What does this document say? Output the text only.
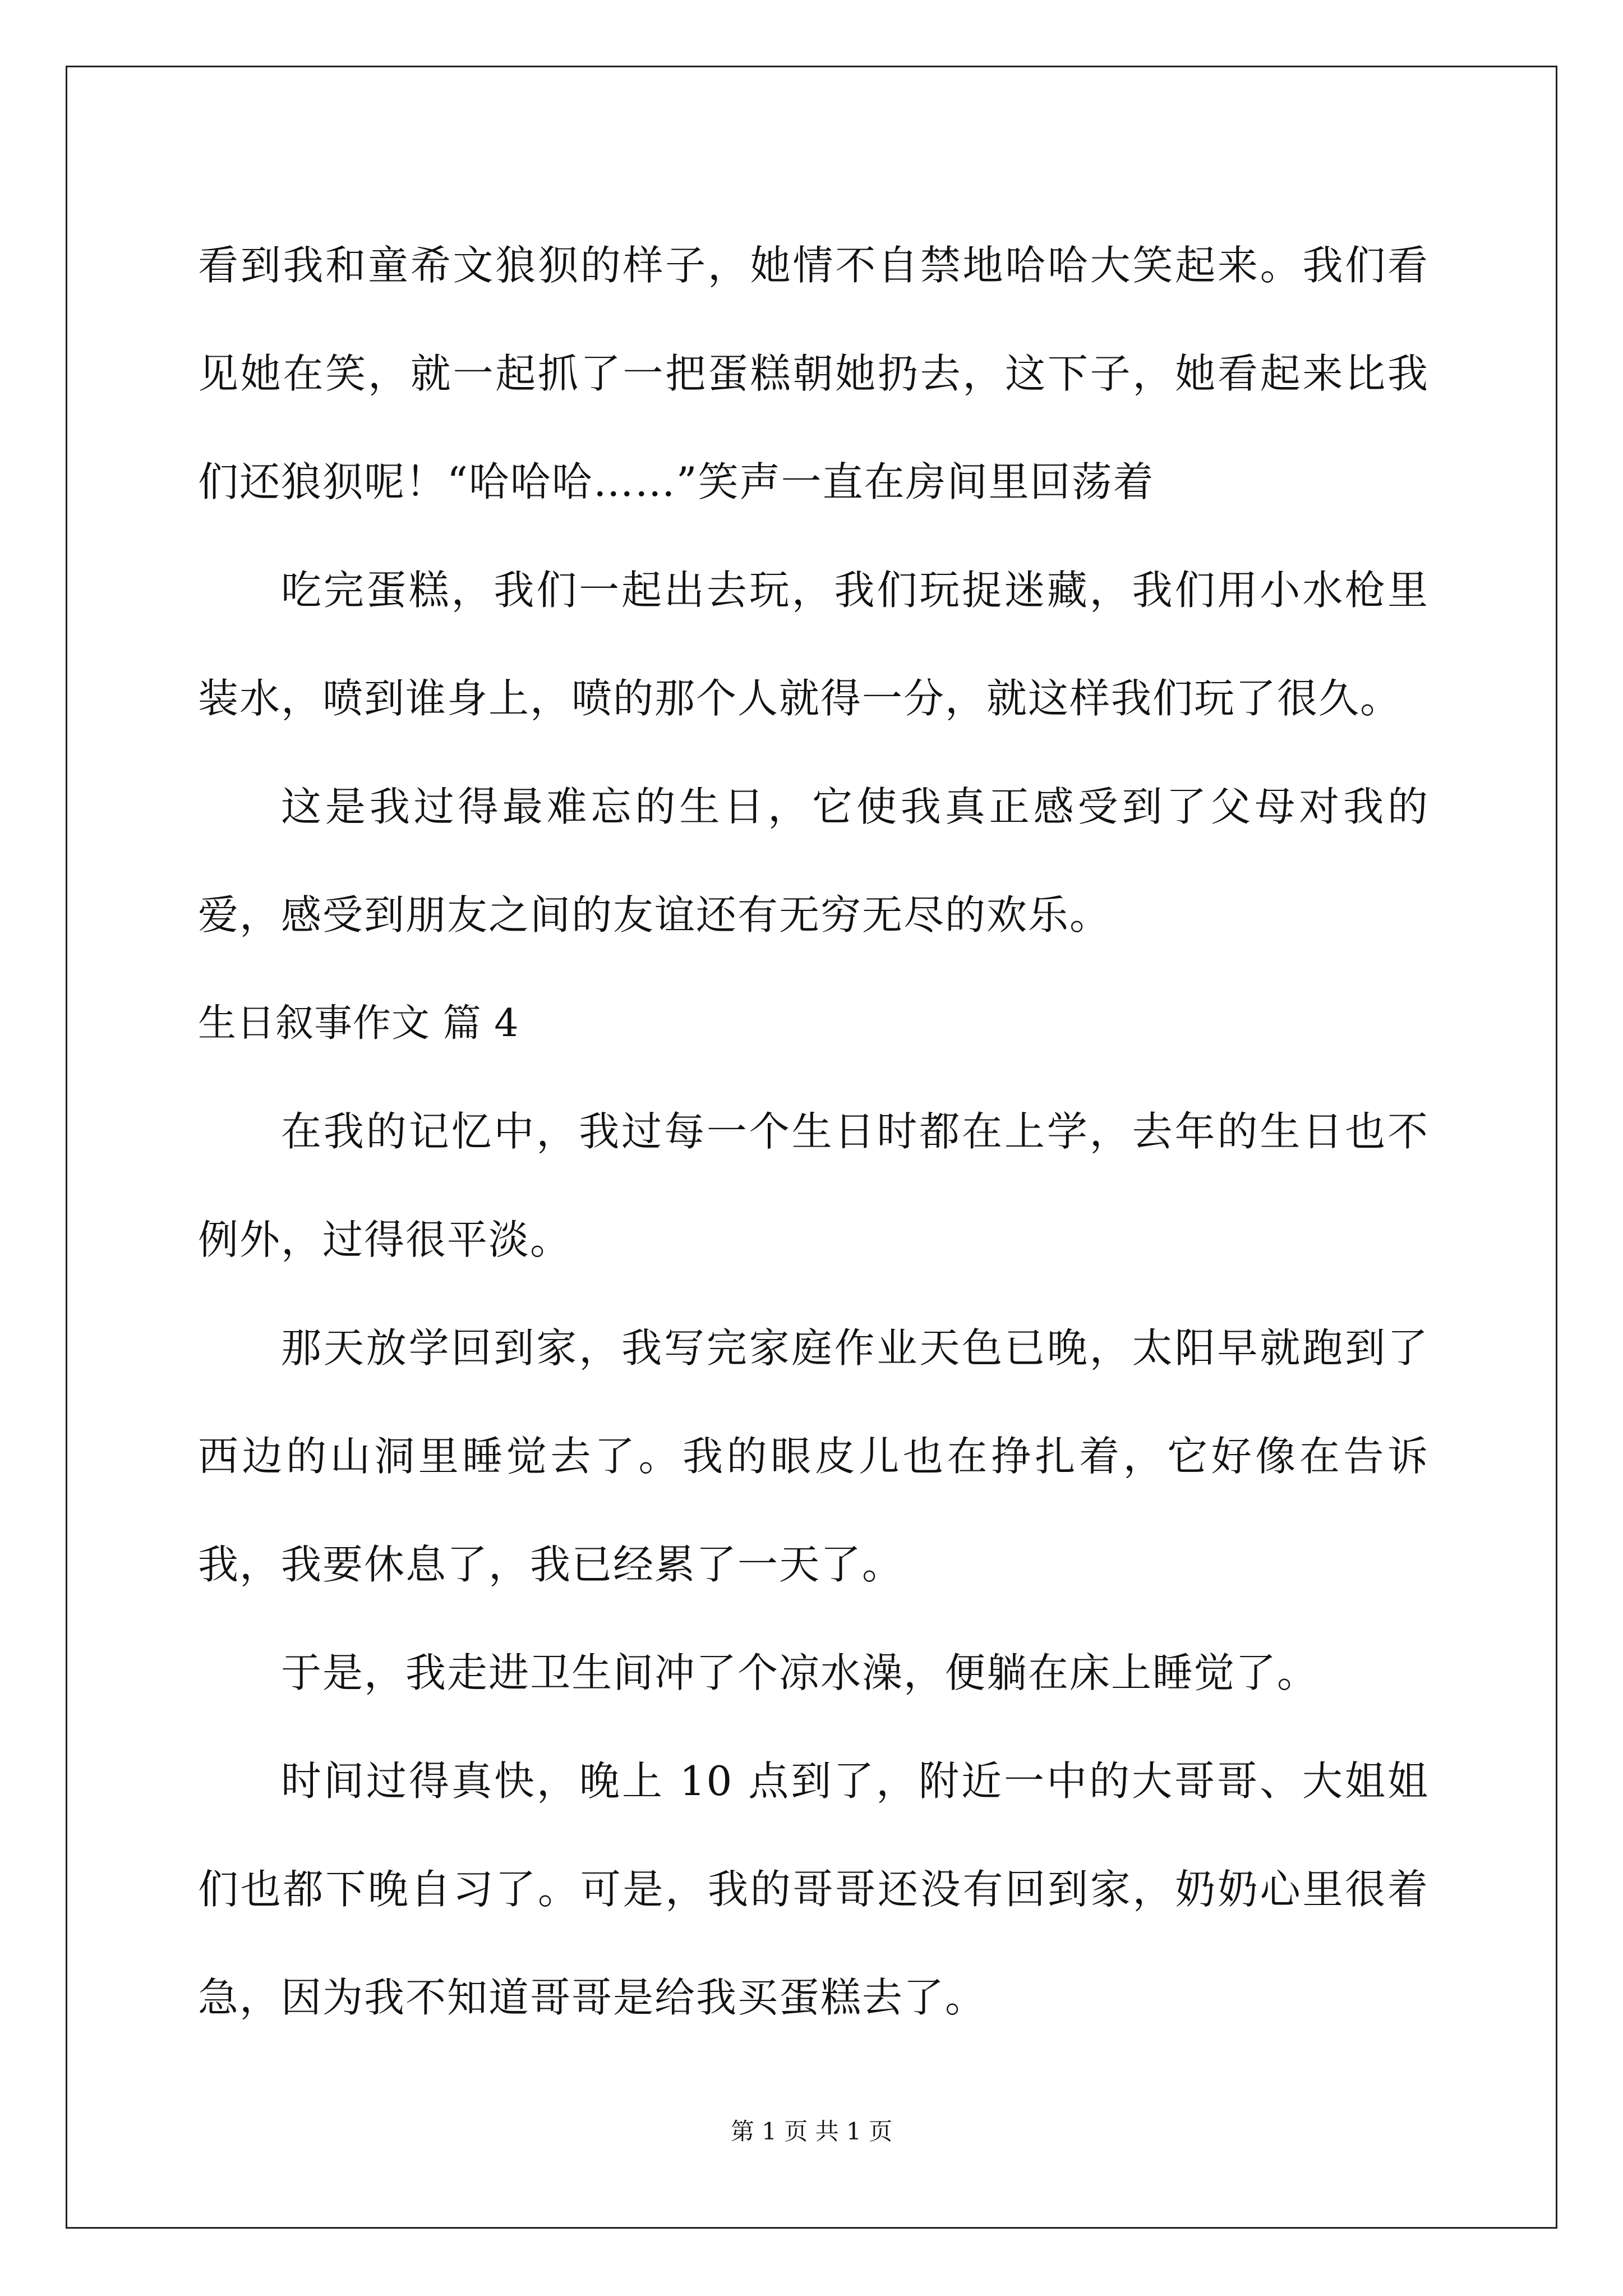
看到我和童希文狼狈的样子，她情不自禁地哈哈大笑起来。我们看见她在笑，就一起抓了一把蛋糕朝她扔去，这下子，她看起来比我们还狼狈呢！“哈哈哈……”笑声一直在房间里回荡着

吃完蛋糕，我们一起出去玩，我们玩捉迷藏，我们用小水枪里装水，喷到谁身上，喷的那个人就得一分，就这样我们玩了很久。

这是我过得最难忘的生日，它使我真正感受到了父母对我的爱，感受到朋友之间的友谊还有无穷无尽的欢乐。

生日叙事作文 篇 4

在我的记忆中，我过每一个生日时都在上学，去年的生日也不例外，过得很平淡。

那天放学回到家，我写完家庭作业天色已晚，太阳早就跑到了西边的山洞里睡觉去了。我的眼皮儿也在挣扎着，它好像在告诉我，我要休息了，我已经累了一天了。

于是，我走进卫生间冲了个凉水澡，便躺在床上睡觉了。

时间过得真快，晚上 10 点到了，附近一中的大哥哥、大姐姐们也都下晚自习了。可是，我的哥哥还没有回到家，奶奶心里很着急，因为我不知道哥哥是给我买蛋糕去了。

第 1 页 共 1 页
